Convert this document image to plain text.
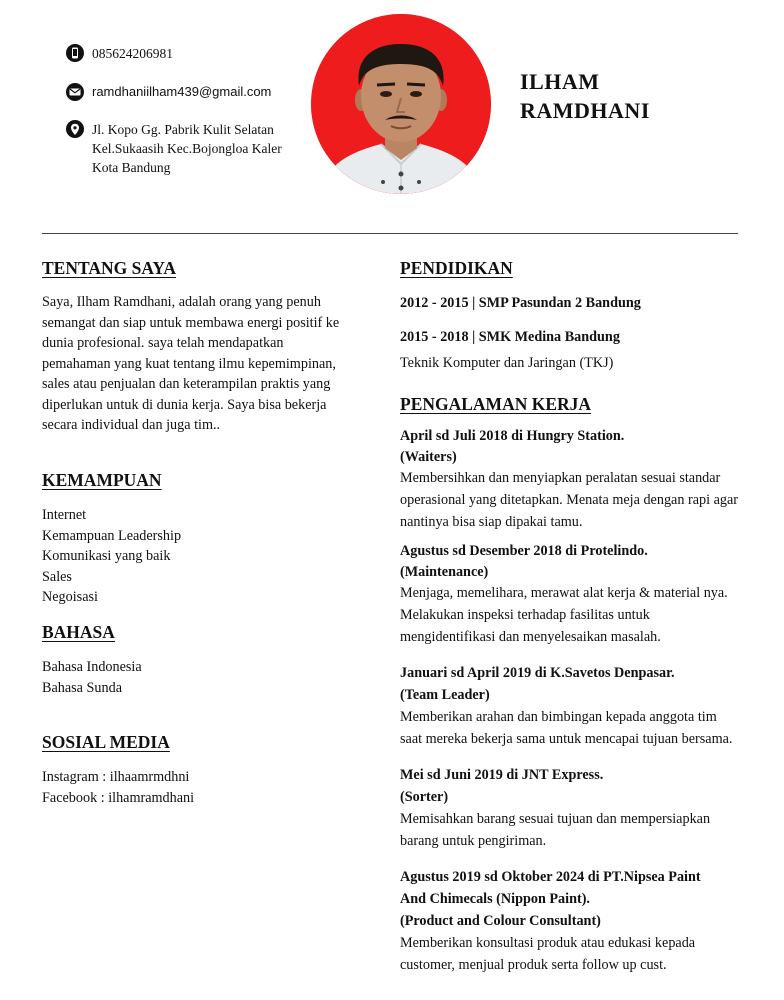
085624206981
ramdhaniilham439@gmail.com
Jl. Kopo Gg. Pabrik Kulit Selatan
Kel.Sukaasih Kec.Bojongloa Kaler
Kota Bandung
ILHAM
RAMDHANI
TENTANG SAYA

Saya, Ilham Ramdhani, adalah orang yang penuh semangat dan siap untuk membawa energi positif ke dunia profesional. saya telah mendapatkan pemahaman yang kuat tentang ilmu kepemimpinan, sales atau penjualan dan keterampilan praktis yang diperlukan untuk di dunia kerja. Saya bisa bekerja secara individual dan juga tim..

KEMAMPUAN
Internet
Kemampuan Leadership
Komunikasi yang baik
Sales
Negoisasi
BAHASA
Bahasa Indonesia
Bahasa Sunda
SOSIAL MEDIA
Instagram : ilhaamrmdhni
Facebook : ilhamramdhani
PENDIDIKAN
2012 - 2015 | SMP Pasundan 2 Bandung
2015 - 2018 | SMK Medina Bandung
Teknik Komputer dan Jaringan (TKJ)
PENGALAMAN KERJA
April sd Juli 2018 di Hungry Station.
(Waiters)
Membersihkan dan menyiapkan peralatan sesuai standar operasional yang ditetapkan. Menata meja dengan rapi agar nantinya bisa siap dipakai tamu.
Agustus sd Desember 2018 di Protelindo.
(Maintenance)
Menjaga, memelihara, merawat alat kerja & material nya. Melakukan inspeksi terhadap fasilitas untuk mengidentifikasi dan menyelesaikan masalah.
Januari sd April 2019 di K.Savetos Denpasar.
(Team Leader)
Memberikan arahan dan bimbingan kepada anggota tim saat mereka bekerja sama untuk mencapai tujuan bersama.
Mei sd Juni 2019 di JNT Express.
(Sorter)
Memisahkan barang sesuai tujuan dan mempersiapkan barang untuk pengiriman.
Agustus 2019 sd Oktober 2024 di PT.Nipsea Paint
And Chimecals (Nippon Paint).
(Product and Colour Consultant)
Memberikan konsultasi produk atau edukasi kepada customer, menjual produk serta follow up cust.
